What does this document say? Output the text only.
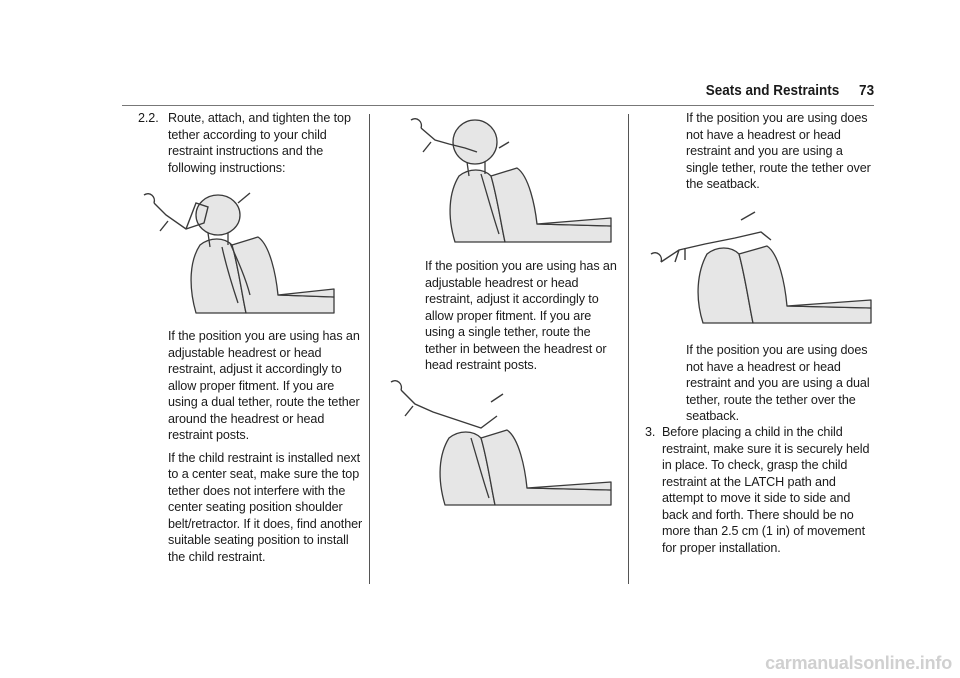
Seats and Restraints 73

2.2. Route, attach, and tighten the top tether according to your child restraint instructions and the following instructions:

If the position you are using has an adjustable headrest or head restraint, adjust it accordingly to allow proper fitment. If you are using a dual tether, route the tether around the headrest or head restraint posts.

If the child restraint is installed next to a center seat, make sure the top tether does not interfere with the center seating position shoulder belt/retractor. If it does, find another suitable seating position to install the child restraint.

If the position you are using has an adjustable headrest or head restraint, adjust it accordingly to allow proper fitment. If you are using a single tether, route the tether in between the headrest or head restraint posts.

If the position you are using does not have a headrest or head restraint and you are using a single tether, route the tether over the seatback.

If the position you are using does not have a headrest or head restraint and you are using a dual tether, route the tether over the seatback.

3. Before placing a child in the child restraint, make sure it is securely held in place. To check, grasp the child restraint at the LATCH path and attempt to move it side to side and back and forth. There should be no more than 2.5 cm (1 in) of movement for proper installation.

carmanualsonline.info
